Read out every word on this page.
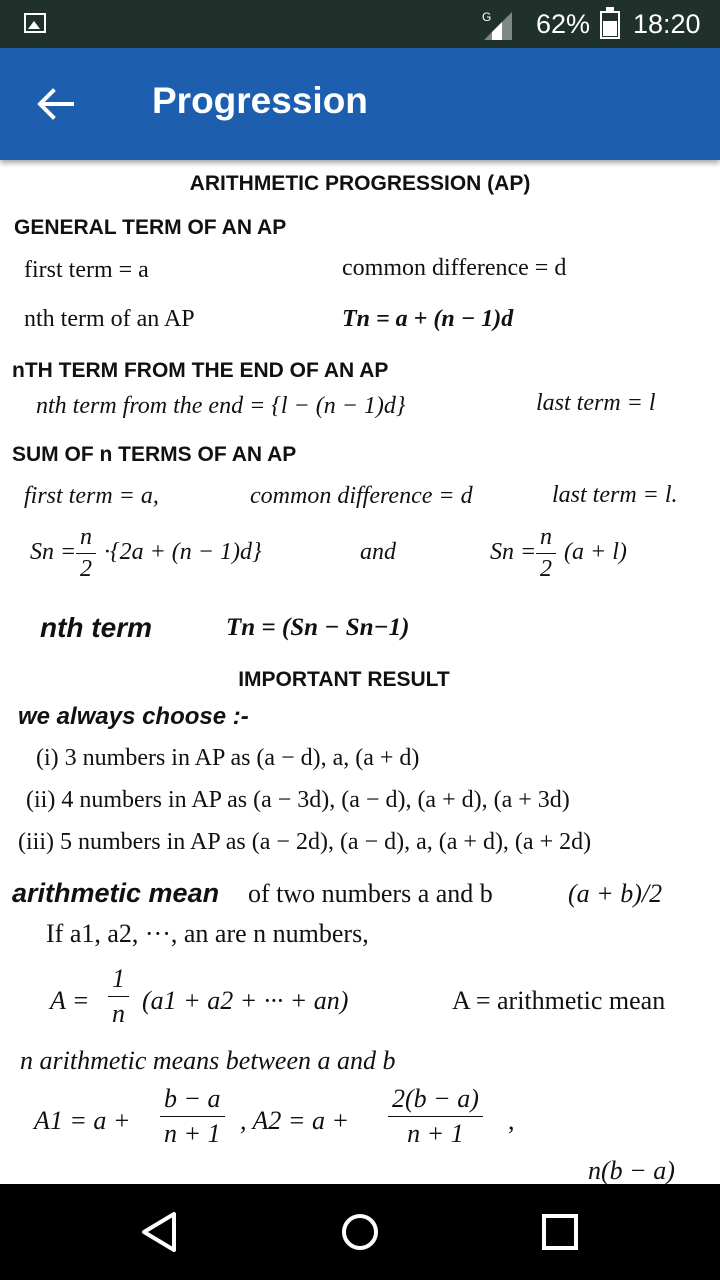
G 62% 18:20
Progression
ARITHMETIC PROGRESSION (AP)
GENERAL TERM OF AN AP
first term = a	common difference = d
nth term of an AP	Tn = a + (n − 1)d
nTH TERM FROM THE END OF AN AP
nth term from the end = {l − (n − 1)d}	last term = l
SUM OF n TERMS OF AN AP
first term = a,	common difference = d	last term = l.
$Sn = \frac{n}{2} \cdot\{2a + (n - 1)d\}$	and	$Sn = \frac{n}{2} (a + l)$
nth term	Tn = (Sn − Sn−1)
IMPORTANT RESULT
we always choose :-
(i) 3 numbers in AP as (a − d), a, (a + d)
(ii) 4 numbers in AP as (a − 3d), (a − d), (a + d), (a + 3d)
(iii) 5 numbers in AP as (a − 2d), (a − d), a, (a + d), (a + 2d)
arithmetic mean of two numbers a and b	(a + b)/2
If a1, a2, ···, an are n numbers,
$A = \frac{1}{n} (a1 + a2$ + ··· + an)	A = arithmetic mean
n arithmetic means between a and b
$A1 = a + \frac{b - a}{n + 1}$ , $A2 = a + \frac{2(b - a)}{n + 1}$ ,
n(b − a)
